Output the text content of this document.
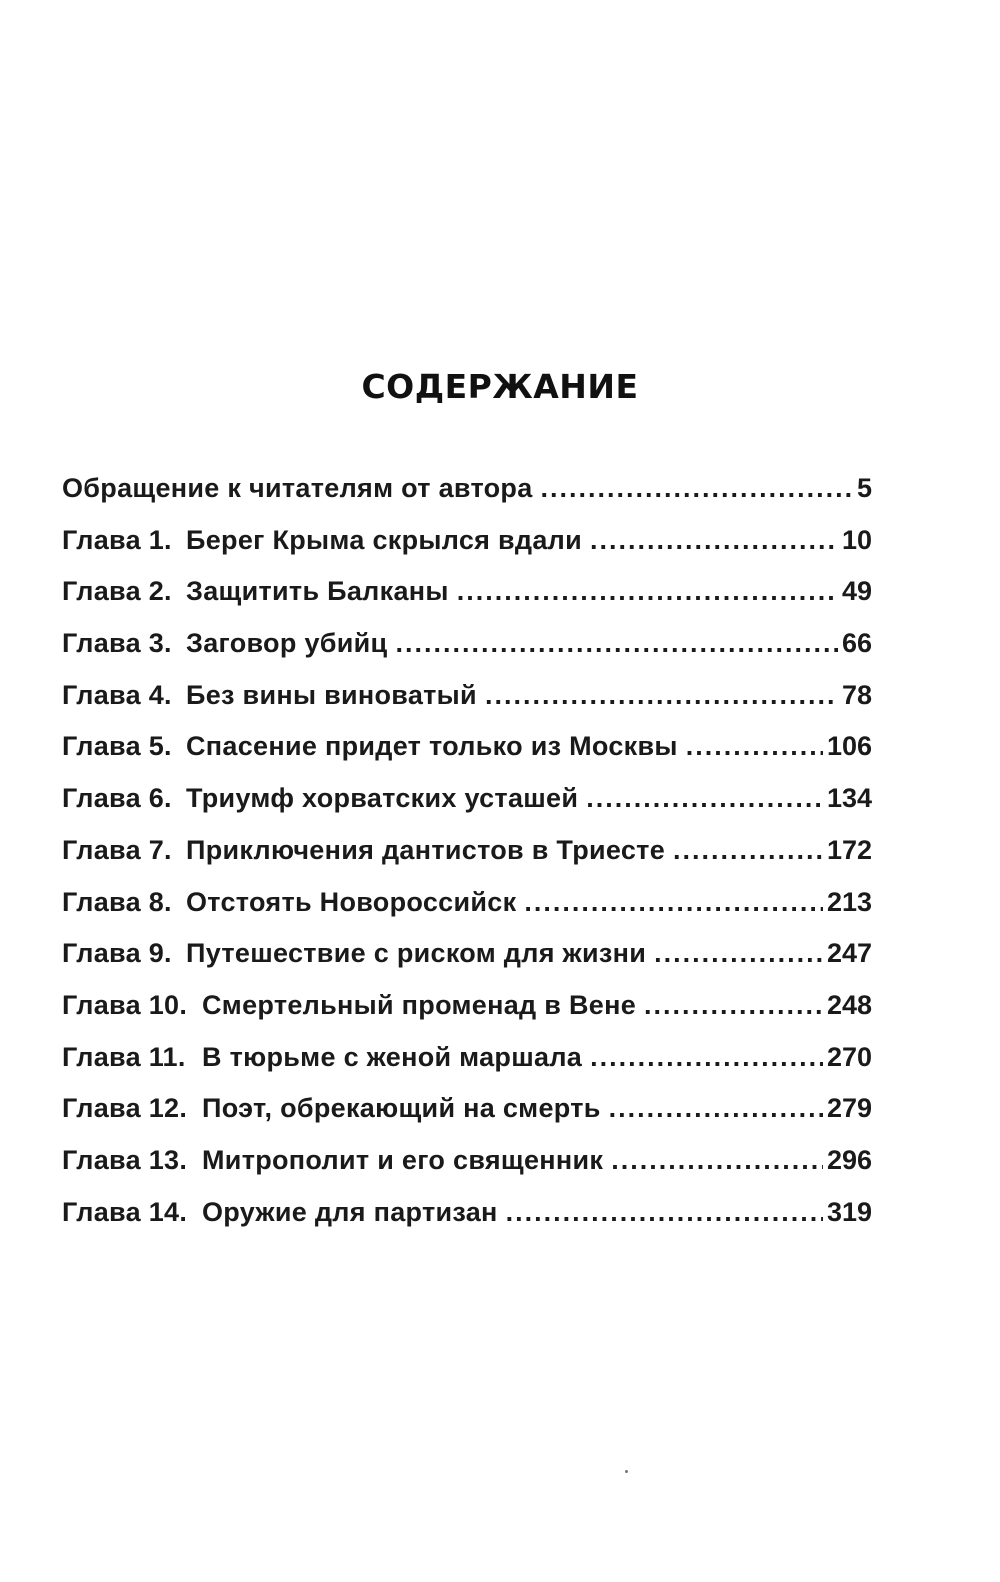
СОДЕРЖАНИЕ
Обращение к читателям от автора .....	5
Глава 1. Берег Крыма скрылся вдали .....	10
Глава 2. Защитить Балканы .....	49
Глава 3. Заговор убийц .....	66
Глава 4. Без вины виноватый .....	78
Глава 5. Спасение придет только из Москвы .....	106
Глава 6. Триумф хорватских усташей .....	134
Глава 7. Приключения дантистов в Триесте .....	172
Глава 8. Отстоять Новороссийск .....	213
Глава 9. Путешествие с риском для жизни .....	247
Глава 10. Смертельный променад в Вене .....	248
Глава 11. В тюрьме с женой маршала .....	270
Глава 12. Поэт, обрекающий на смерть .....	279
Глава 13. Митрополит и его священник .....	296
Глава 14. Оружие для партизан .....	319
